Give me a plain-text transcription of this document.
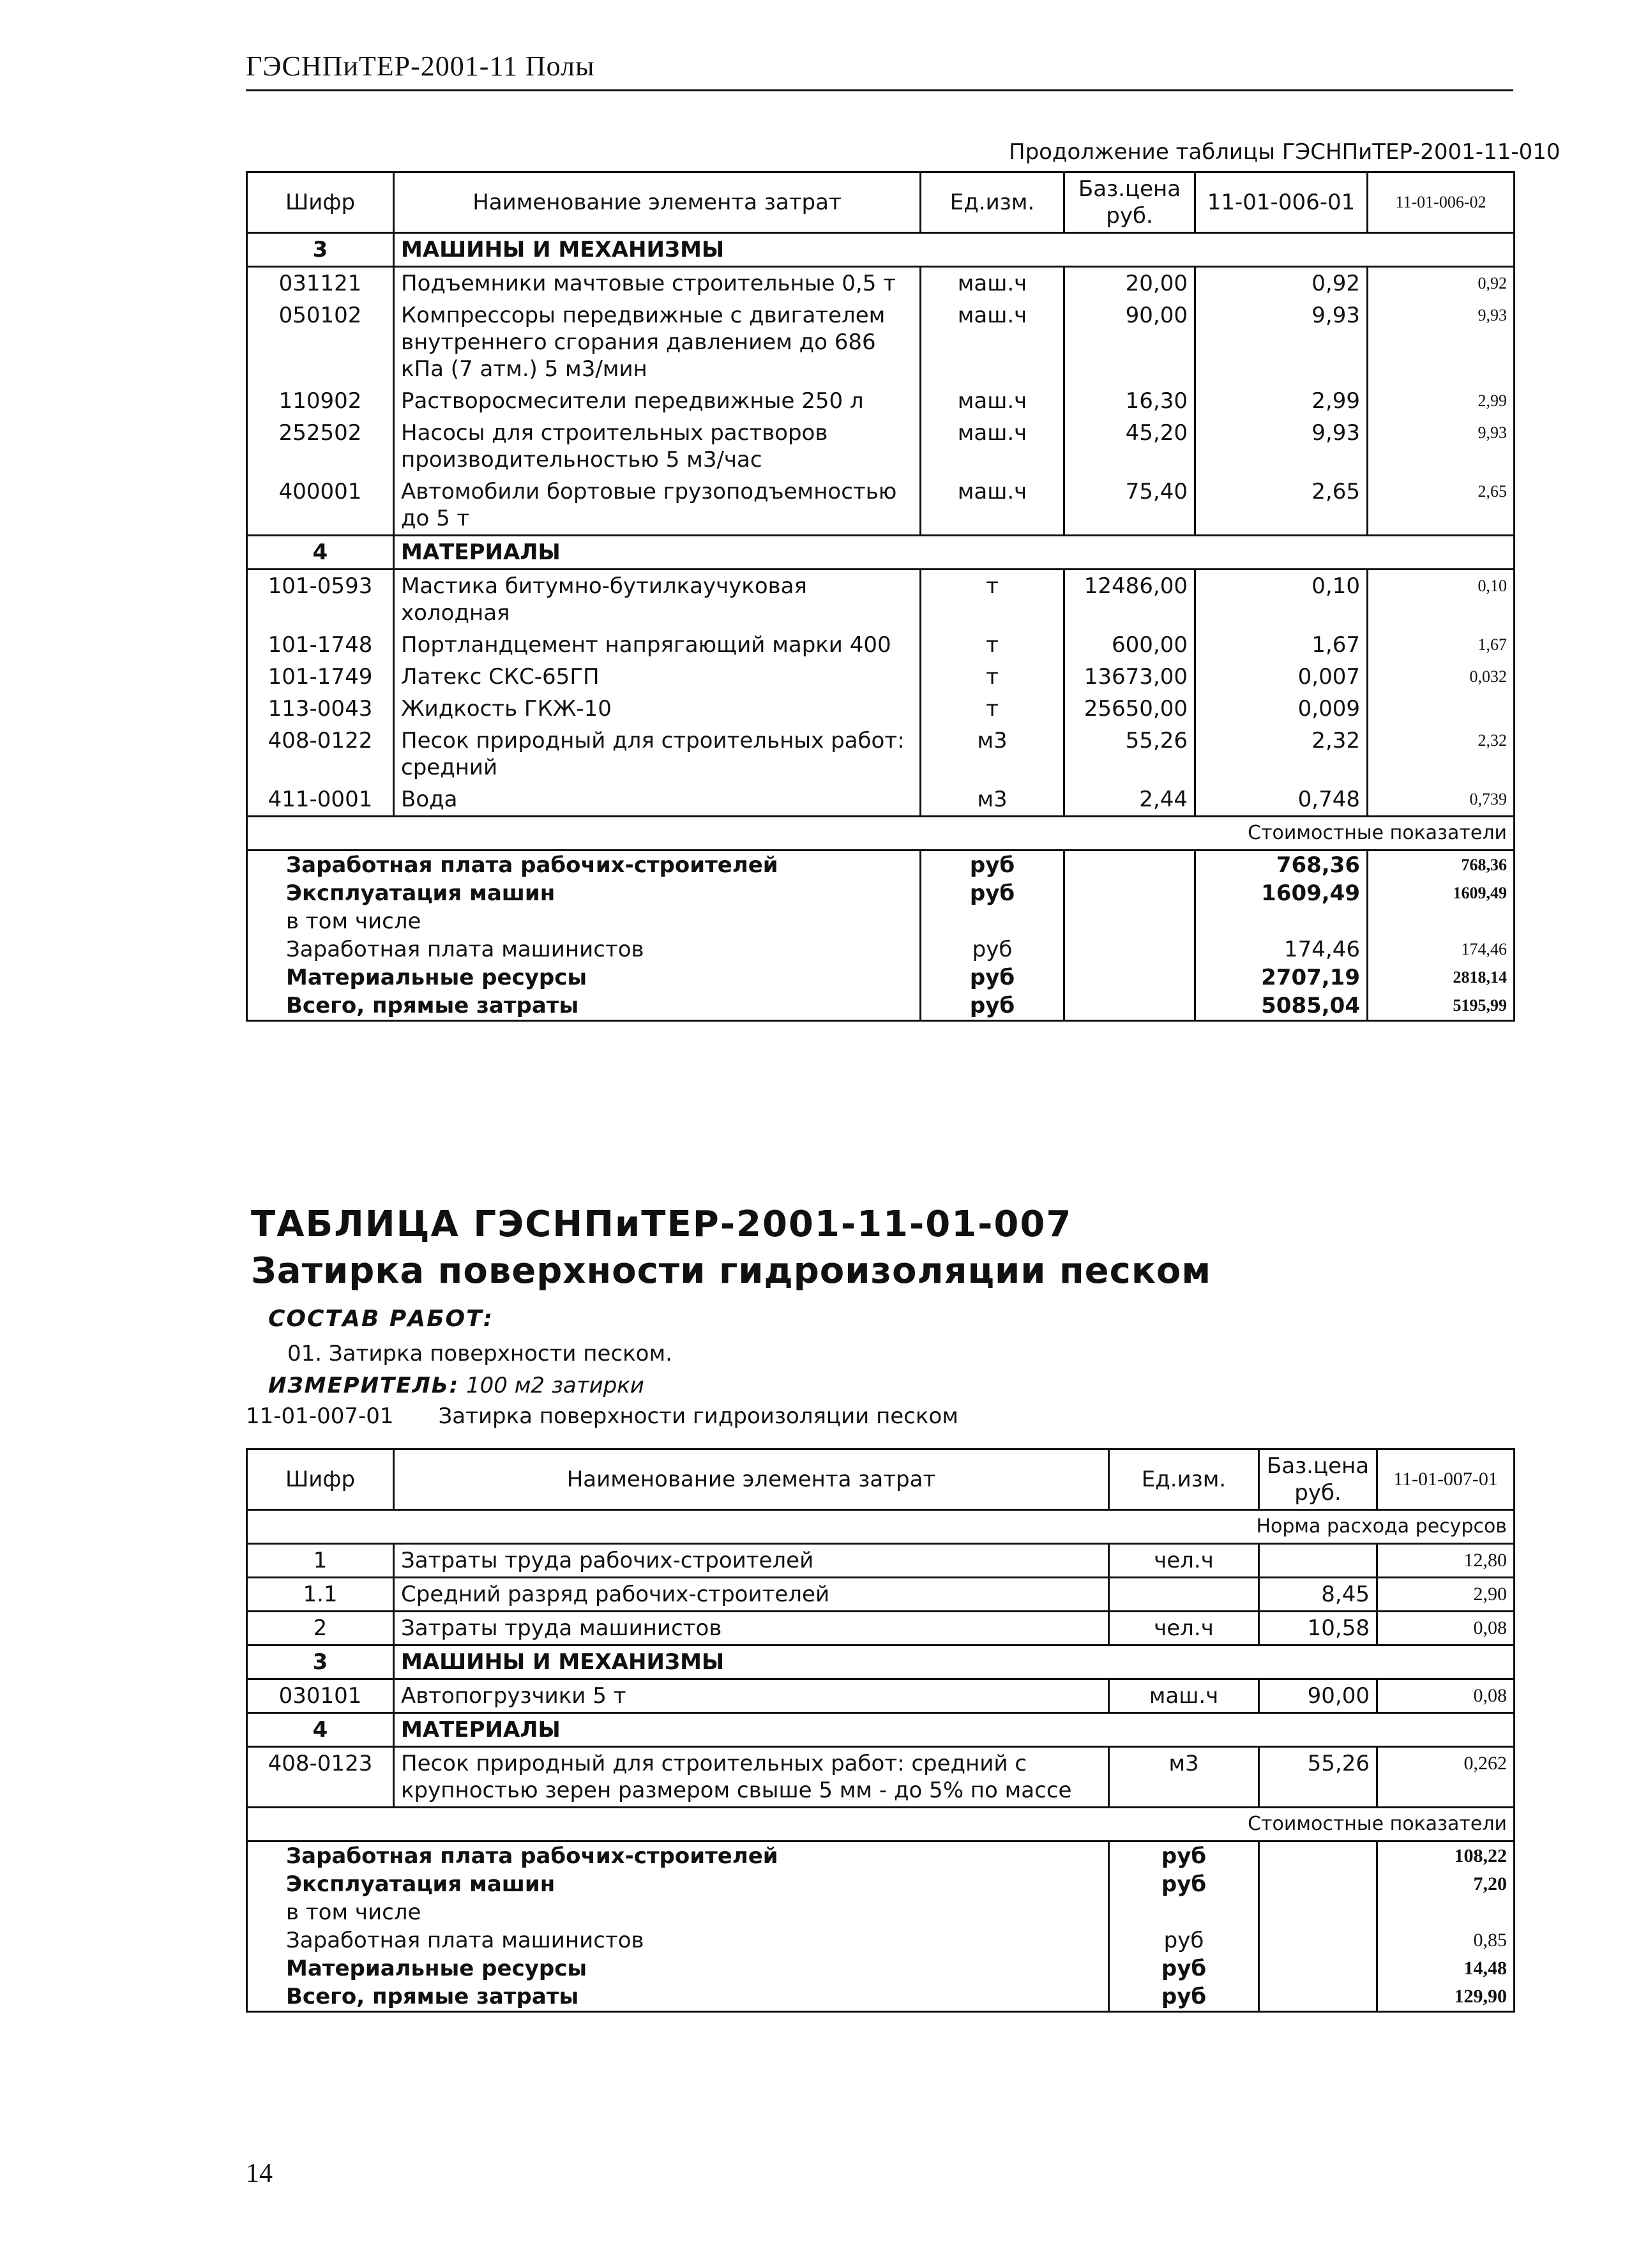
ГЭСНПиТЕР-2001-11 Полы
Продолжение таблицы ГЭСНПиТЕР-2001-11-010
Шифр	Наименование элемента затрат	Ед.изм.	Баз.цена руб.	11-01-006-01	11-01-006-02
3	МАШИНЫ И МЕХАНИЗМЫ				
031121	Подъемники мачтовые строительные 0,5 т	маш.ч	20,00	0,92	0,92
050102	Компрессоры передвижные с двигателем внутреннего сгорания давлением до 686 кПа (7 атм.) 5 м3/мин	маш.ч	90,00	9,93	9,93
110902	Растворосмесители передвижные 250 л	маш.ч	16,30	2,99	2,99
252502	Насосы для строительных растворов производительностью 5 м3/час	маш.ч	45,20	9,93	9,93
400001	Автомобили бортовые грузоподъемностью до 5 т	маш.ч	75,40	2,65	2,65
4	МАТЕРИАЛЫ				
101-0593	Мастика битумно-бутилкаучуковая холодная	т	12486,00	0,10	0,10
101-1748	Портландцемент напрягающий марки 400	т	600,00	1,67	1,67
101-1749	Латекс СКС-65ГП	т	13673,00	0,007	0,032
113-0043	Жидкость ГКЖ-10	т	25650,00	0,009	
408-0122	Песок природный для строительных работ: средний	м3	55,26	2,32	2,32
411-0001	Вода	м3	2,44	0,748	0,739
Стоимостные показатели					
Заработная плата рабочих-строителей		руб		768,36	768,36
Эксплуатация машин		руб		1609,49	1609,49
в том числе					
Заработная плата машинистов		руб		174,46	174,46
Материальные ресурсы		руб		2707,19	2818,14
Всего, прямые затраты		руб		5085,04	5195,99
ТАБЛИЦА ГЭСНПиТЕР-2001-11-01-007
Затирка поверхности гидроизоляции песком
СОСТАВ РАБОТ:
01. Затирка поверхности песком.
ИЗМЕРИТЕЛЬ: 100 м2 затирки
11-01-007-01 Затирка поверхности гидроизоляции песком
Шифр	Наименование элемента затрат	Ед.изм.	Баз.цена руб.	11-01-007-01
Норма расхода ресурсов				
1	Затраты труда рабочих-строителей	чел.ч		12,80
1.1	Средний разряд рабочих-строителей		8,45	2,90
2	Затраты труда машинистов	чел.ч	10,58	0,08
3	МАШИНЫ И МЕХАНИЗМЫ			
030101	Автопогрузчики 5 т	маш.ч	90,00	0,08
4	МАТЕРИАЛЫ			
408-0123	Песок природный для строительных работ: средний с крупностью зерен размером свыше 5 мм - до 5% по массе	м3	55,26	0,262
Стоимостные показатели				
Заработная плата рабочих-строителей		руб		108,22
Эксплуатация машин		руб		7,20
в том числе				
Заработная плата машинистов		руб		0,85
Материальные ресурсы		руб		14,48
Всего, прямые затраты		руб		129,90
14
